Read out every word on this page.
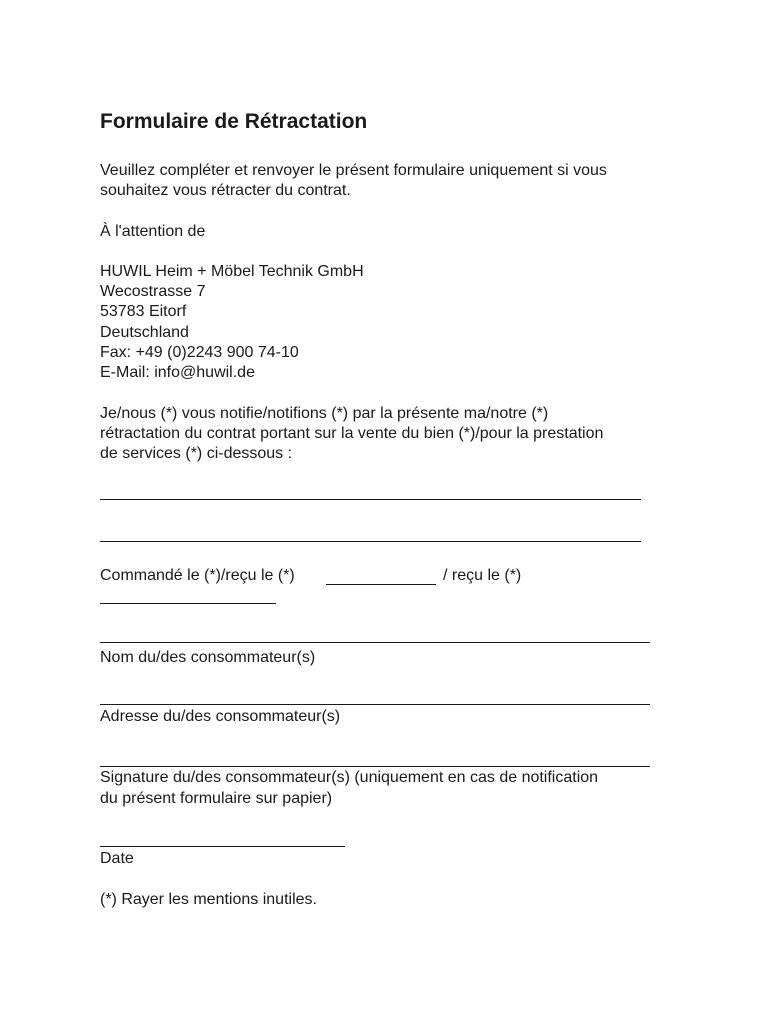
Formulaire de Rétractation

Veuillez compléter et renvoyer le présent formulaire uniquement si vous

souhaitez vous rétracter du contrat.

À l'attention de

HUWIL Heim + Möbel Technik GmbH

Wecostrasse 7

53783 Eitorf

Deutschland

Fax: +49 (0)2243 900 74-10

E-Mail: info@huwil.de

Je/nous (*) vous notifie/notifions (*) par la présente ma/notre (*)

rétractation du contrat portant sur la vente du bien (*)/pour la prestation

de services (*) ci-dessous :

Commandé le (*)/reçu le (*)	/ reçu le (*)

Nom du/des consommateur(s)

Adresse du/des consommateur(s)

Signature du/des consommateur(s) (uniquement en cas de notification

du présent formulaire sur papier)

Date

(*) Rayer les mentions inutiles.
